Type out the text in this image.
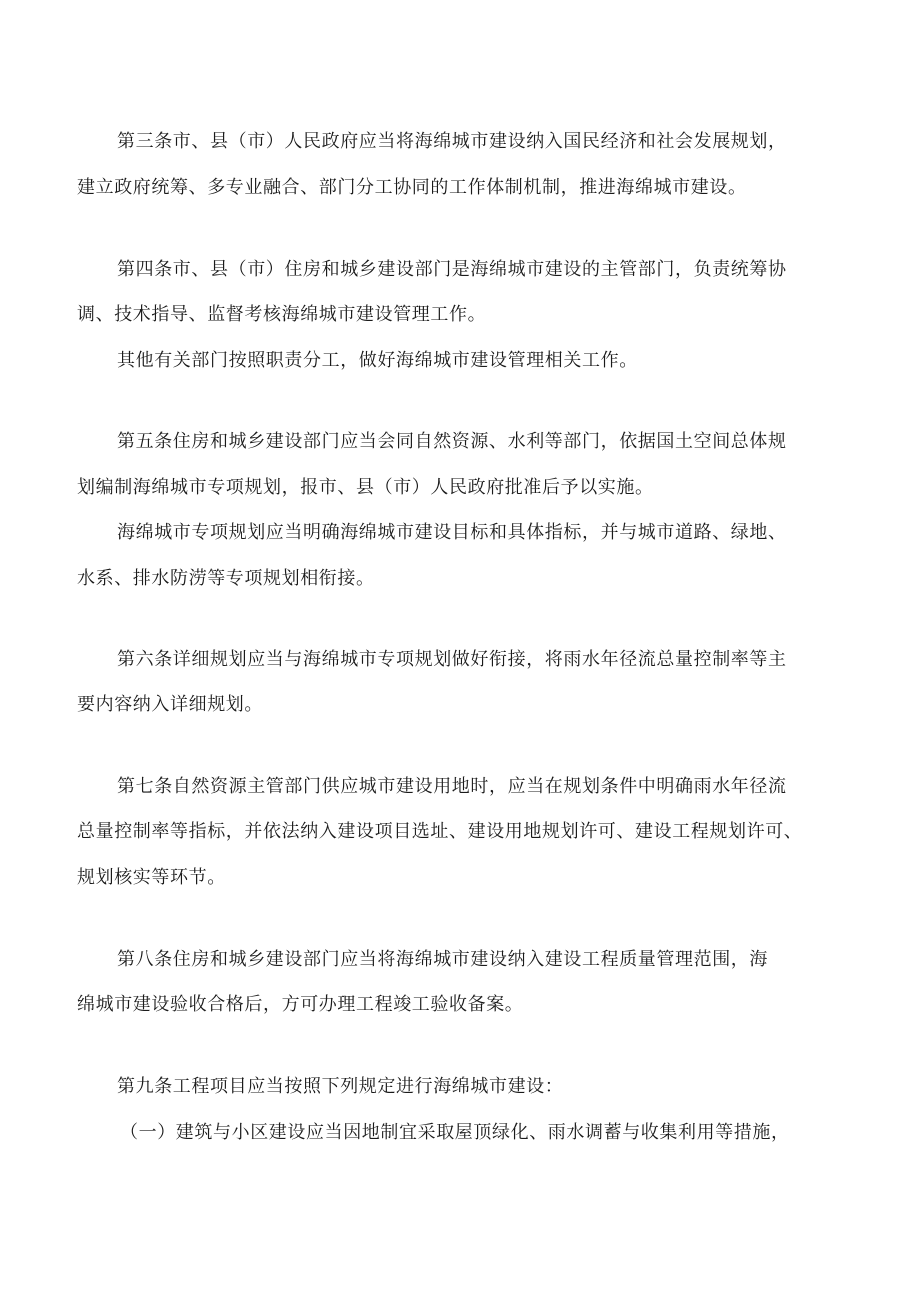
第三条市、县（市）人民政府应当将海绵城市建设纳入国民经济和社会发展规划，
建立政府统筹、多专业融合、部门分工协同的工作体制机制，推进海绵城市建设。
第四条市、县（市）住房和城乡建设部门是海绵城市建设的主管部门，负责统筹协
调、技术指导、监督考核海绵城市建设管理工作。
其他有关部门按照职责分工，做好海绵城市建设管理相关工作。
第五条住房和城乡建设部门应当会同自然资源、水利等部门，依据国土空间总体规
划编制海绵城市专项规划，报市、县（市）人民政府批准后予以实施。
海绵城市专项规划应当明确海绵城市建设目标和具体指标，并与城市道路、绿地、
水系、排水防涝等专项规划相衔接。
第六条详细规划应当与海绵城市专项规划做好衔接，将雨水年径流总量控制率等主
要内容纳入详细规划。
第七条自然资源主管部门供应城市建设用地时，应当在规划条件中明确雨水年径流
总量控制率等指标，并依法纳入建设项目选址、建设用地规划许可、建设工程规划许可、
规划核实等环节。
第八条住房和城乡建设部门应当将海绵城市建设纳入建设工程质量管理范围，海
绵城市建设验收合格后，方可办理工程竣工验收备案。
第九条工程项目应当按照下列规定进行海绵城市建设：
（一）建筑与小区建设应当因地制宜采取屋顶绿化、雨水调蓄与收集利用等措施，
